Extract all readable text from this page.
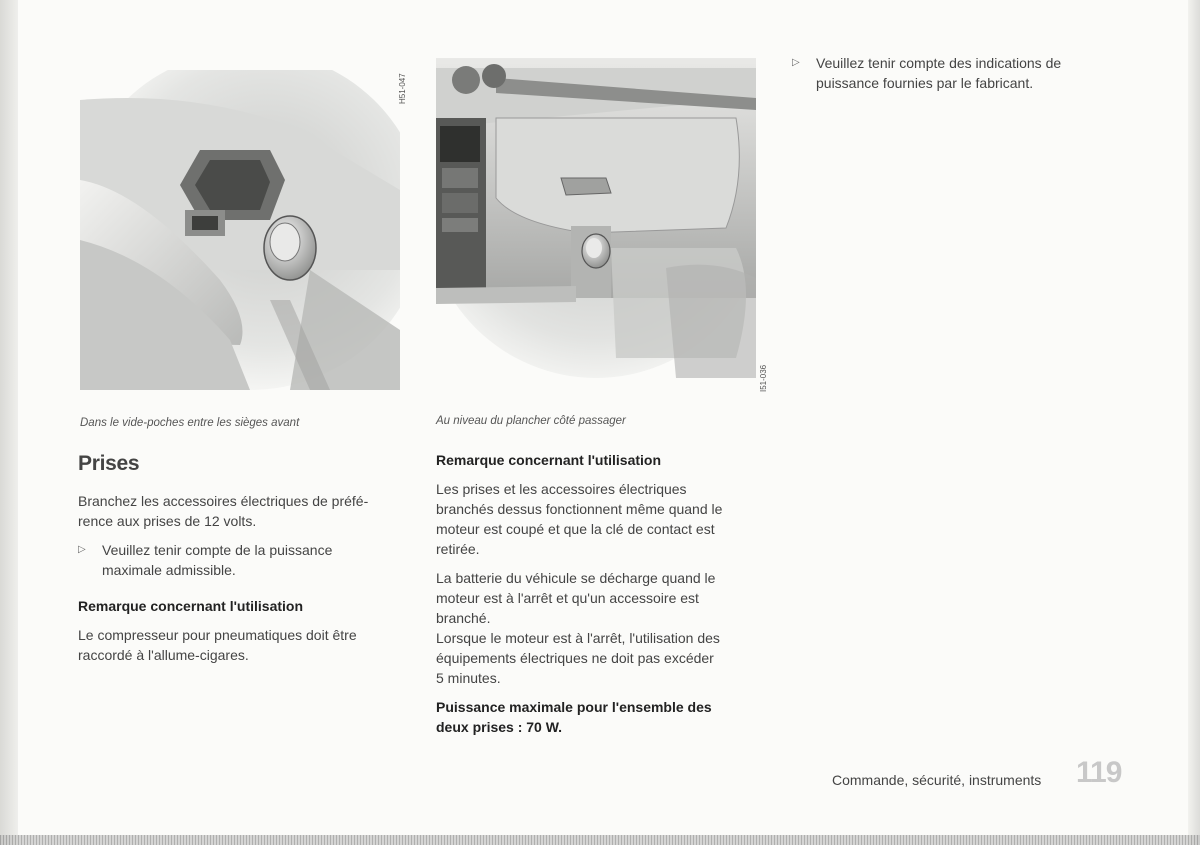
H51-047
I51-036
Dans le vide-poches entre les sièges avant
Prises
Branchez les accessoires électriques de préfé-
rence aux prises de 12 volts.
▷ Veuillez tenir compte de la puissance
maximale admissible.
Remarque concernant l'utilisation
Le compresseur pour pneumatiques doit être
raccordé à l'allume-cigares.
Au niveau du plancher côté passager
Remarque concernant l'utilisation
Les prises et les accessoires électriques
branchés dessus fonctionnent même quand le
moteur est coupé et que la clé de contact est
retirée.
La batterie du véhicule se décharge quand le
moteur est à l'arrêt et qu'un accessoire est
branché.
Lorsque le moteur est à l'arrêt, l'utilisation des
équipements électriques ne doit pas excéder
5 minutes.
Puissance maximale pour l'ensemble des
deux prises : 70 W.
▷ Veuillez tenir compte des indications de
puissance fournies par le fabricant.
Commande, sécurité, instruments 119
